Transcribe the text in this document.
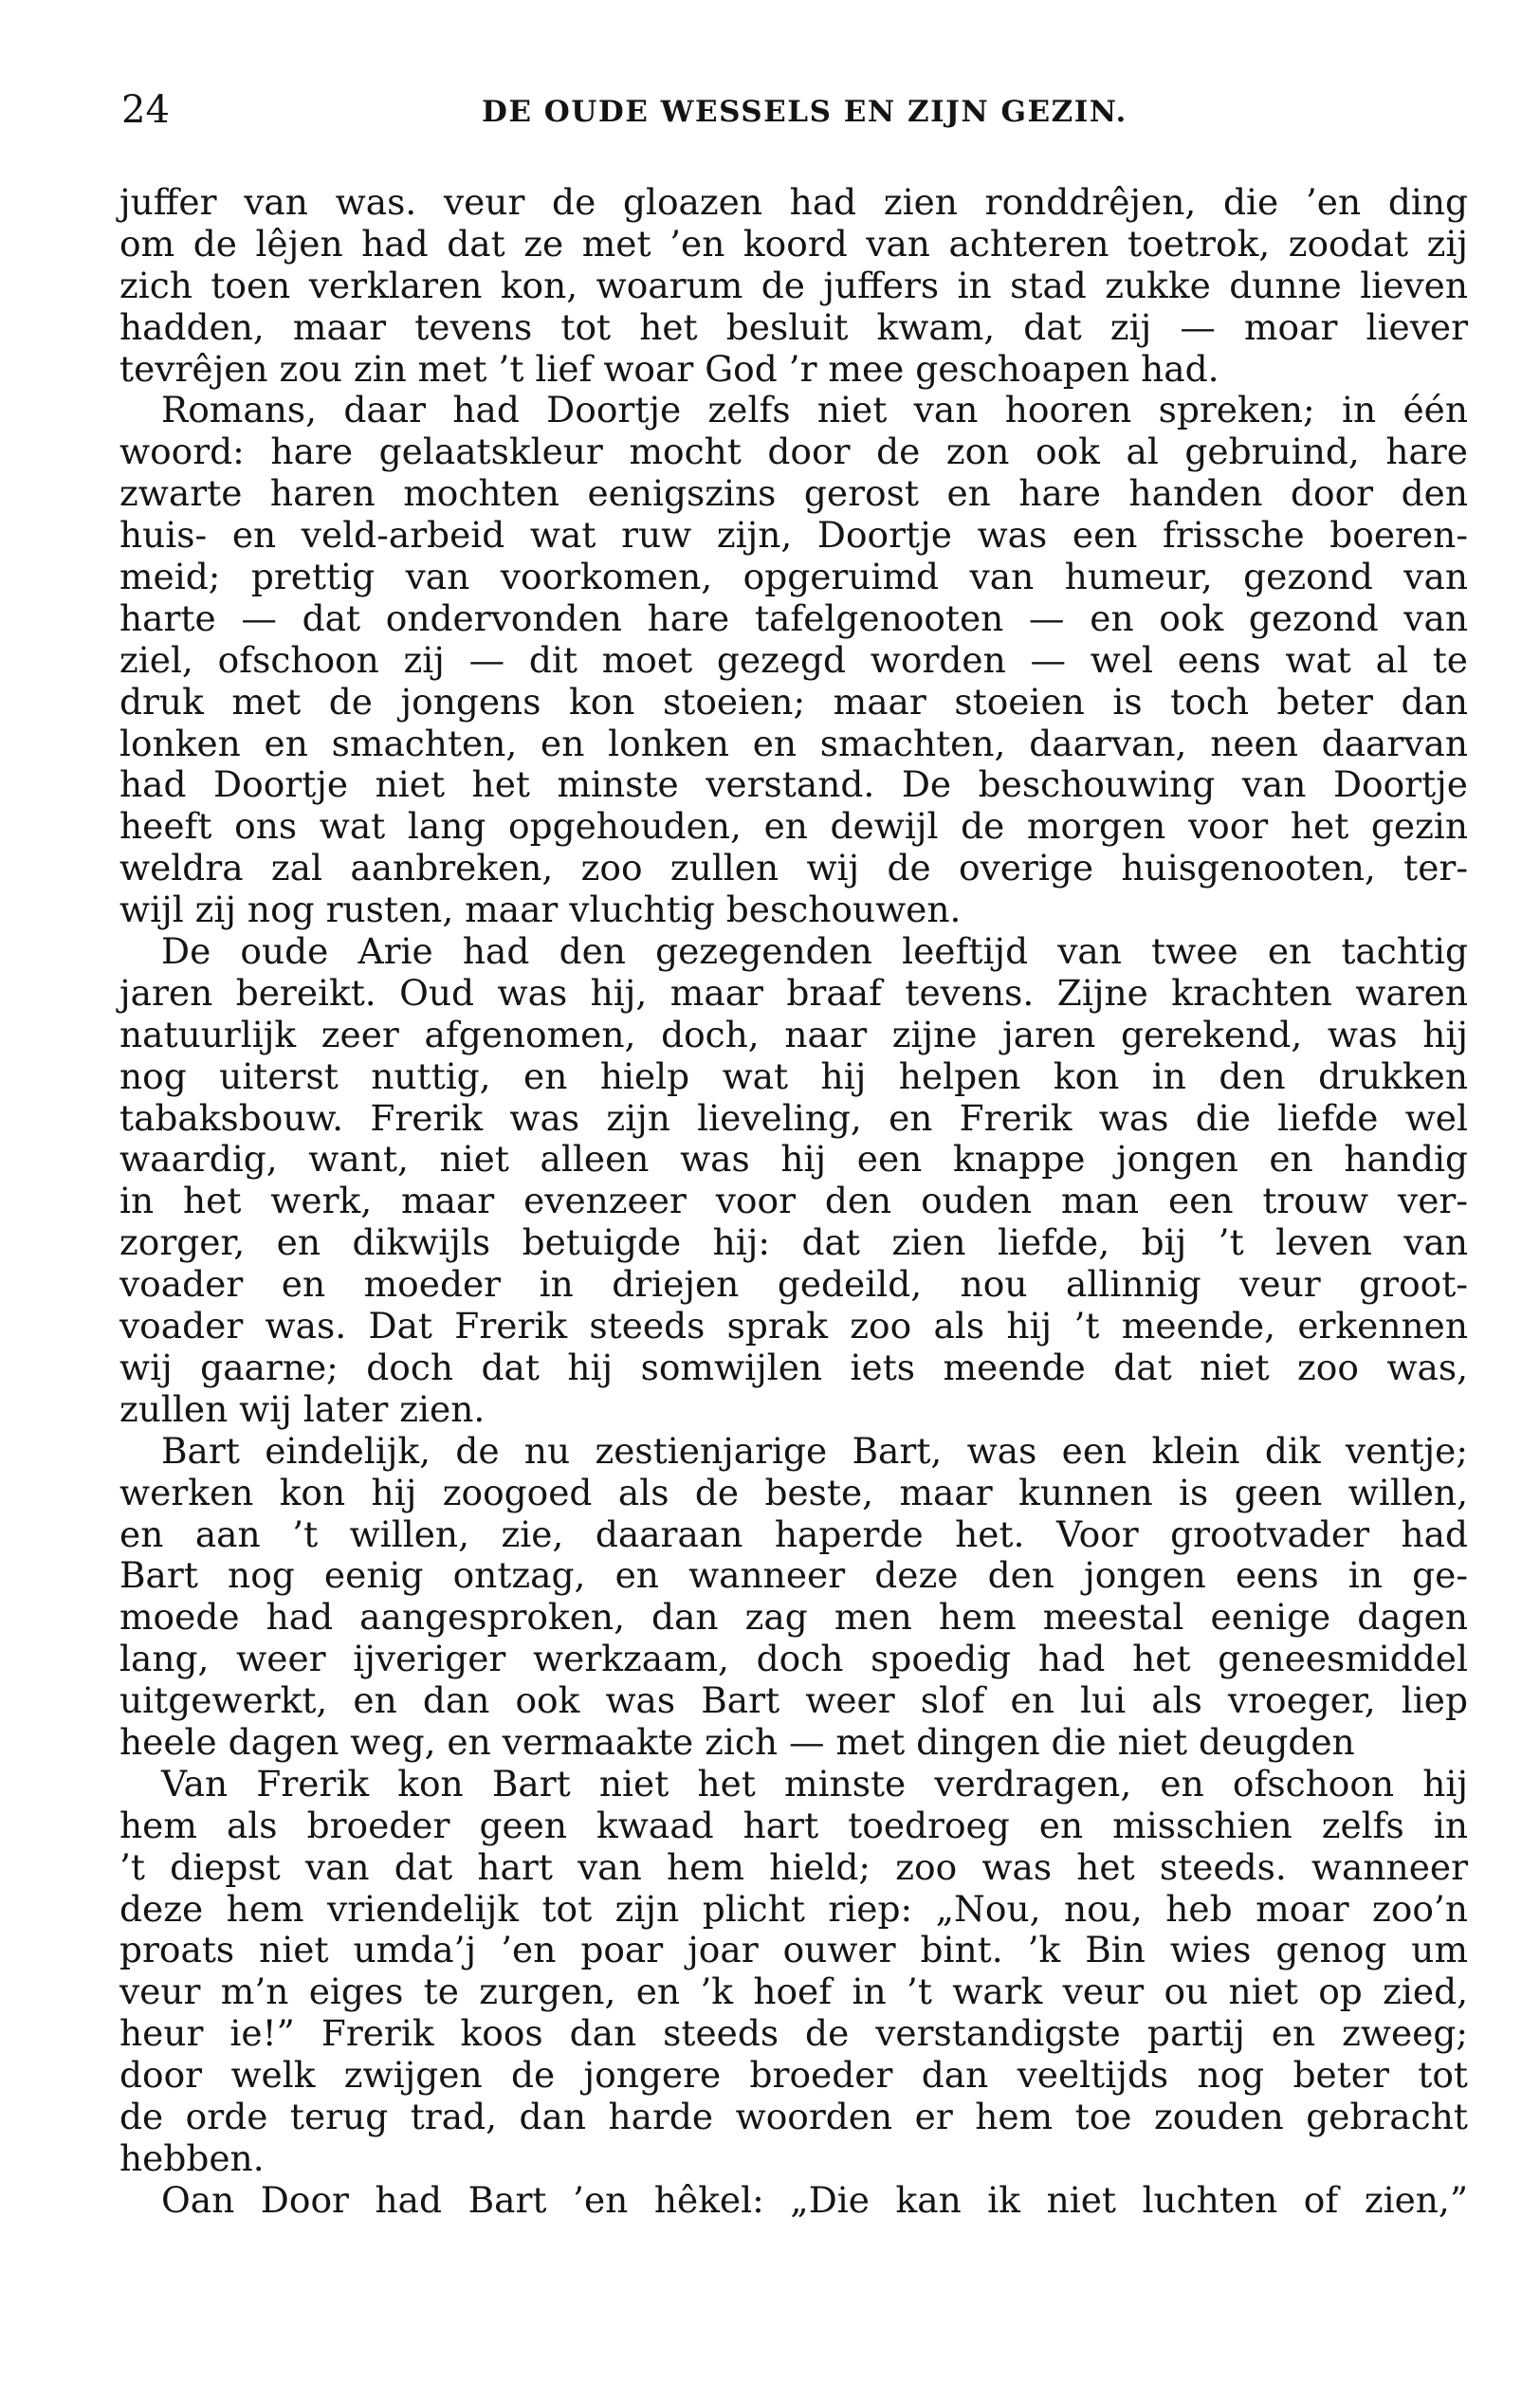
24	DE OUDE WESSELS EN ZIJN GEZIN.
juffer van was. veur de gloazen had zien ronddrêjen, die ’en ding
om de lêjen had dat ze met ’en koord van achteren toetrok, zoodat zij
zich toen verklaren kon, woarum de juffers in stad zukke dunne lieven
hadden, maar tevens tot het besluit kwam, dat zij — moar liever
tevrêjen zou zin met ’t lief woar God ’r mee geschoapen had.
Romans, daar had Doortje zelfs niet van hooren spreken; in één
woord: hare gelaatskleur mocht door de zon ook al gebruind, hare
zwarte haren mochten eenigszins gerost en hare handen door den
huis- en veld-arbeid wat ruw zijn, Doortje was een frissche boeren-
meid; prettig van voorkomen, opgeruimd van humeur, gezond van
harte — dat ondervonden hare tafelgenooten — en ook gezond van
ziel, ofschoon zij — dit moet gezegd worden — wel eens wat al te
druk met de jongens kon stoeien; maar stoeien is toch beter dan
lonken en smachten, en lonken en smachten, daarvan, neen daarvan
had Doortje niet het minste verstand. De beschouwing van Doortje
heeft ons wat lang opgehouden, en dewijl de morgen voor het gezin
weldra zal aanbreken, zoo zullen wij de overige huisgenooten, ter-
wijl zij nog rusten, maar vluchtig beschouwen.
De oude Arie had den gezegenden leeftijd van twee en tachtig
jaren bereikt. Oud was hij, maar braaf tevens. Zijne krachten waren
natuurlijk zeer afgenomen, doch, naar zijne jaren gerekend, was hij
nog uiterst nuttig, en hielp wat hij helpen kon in den drukken
tabaksbouw. Frerik was zijn lieveling, en Frerik was die liefde wel
waardig, want, niet alleen was hij een knappe jongen en handig
in het werk, maar evenzeer voor den ouden man een trouw ver-
zorger, en dikwijls betuigde hij: dat zien liefde, bij ’t leven van
voader en moeder in driejen gedeild, nou allinnig veur groot-
voader was. Dat Frerik steeds sprak zoo als hij ’t meende, erkennen
wij gaarne; doch dat hij somwijlen iets meende dat niet zoo was,
zullen wij later zien.
Bart eindelijk, de nu zestienjarige Bart, was een klein dik ventje;
werken kon hij zoogoed als de beste, maar kunnen is geen willen,
en aan ’t willen, zie, daaraan haperde het. Voor grootvader had
Bart nog eenig ontzag, en wanneer deze den jongen eens in ge-
moede had aangesproken, dan zag men hem meestal eenige dagen
lang, weer ijveriger werkzaam, doch spoedig had het geneesmiddel
uitgewerkt, en dan ook was Bart weer slof en lui als vroeger, liep
heele dagen weg, en vermaakte zich — met dingen die niet deugden
Van Frerik kon Bart niet het minste verdragen, en ofschoon hij
hem als broeder geen kwaad hart toedroeg en misschien zelfs in
’t diepst van dat hart van hem hield; zoo was het steeds. wanneer
deze hem vriendelijk tot zijn plicht riep: „Nou, nou, heb moar zoo’n
proats niet umda’j ’en poar joar ouwer bint. ’k Bin wies genog um
veur m’n eiges te zurgen, en ’k hoef in ’t wark veur ou niet op zied,
heur ie!” Frerik koos dan steeds de verstandigste partij en zweeg;
door welk zwijgen de jongere broeder dan veeltijds nog beter tot
de orde terug trad, dan harde woorden er hem toe zouden gebracht
hebben.
Oan Door had Bart ’en hêkel: „Die kan ik niet luchten of zien,”
